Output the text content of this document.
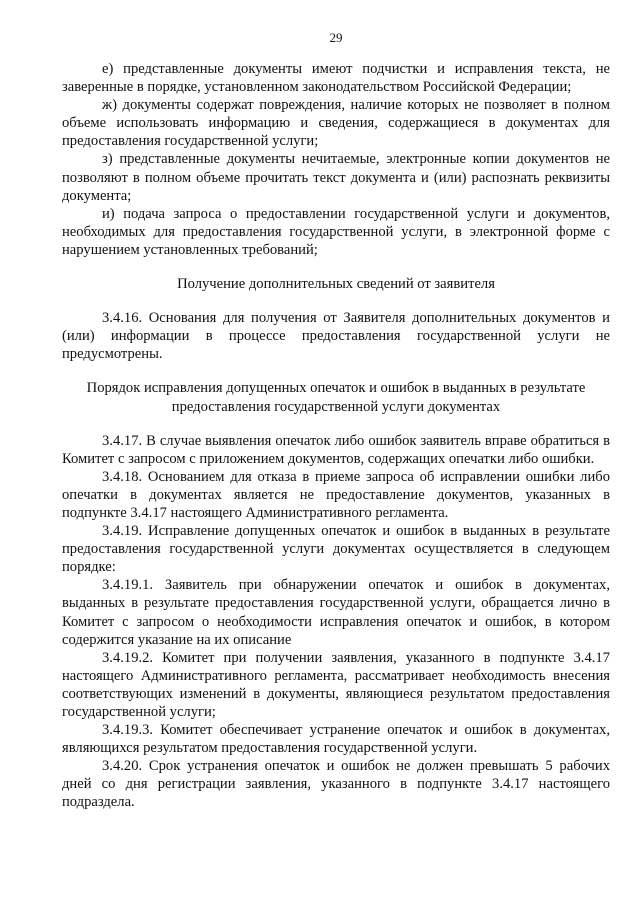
29

е) представленные документы имеют подчистки и исправления текста, не заверенные в порядке, установленном законодательством Российской Федерации;

ж) документы содержат повреждения, наличие которых не позволяет в полном объеме использовать информацию и сведения, содержащиеся в документах для предоставления государственной услуги;

з) представленные документы нечитаемые, электронные копии документов не позволяют в полном объеме прочитать текст документа и (или) распознать реквизиты документа;

и) подача запроса о предоставлении государственной услуги и документов, необходимых для предоставления государственной услуги, в электронной форме с нарушением установленных требований;

Получение дополнительных сведений от заявителя

3.4.16. Основания для получения от Заявителя дополнительных документов и (или) информации в процессе предоставления государственной услуги не предусмотрены.

Порядок исправления допущенных опечаток и ошибок в выданных в результате предоставления государственной услуги документах

3.4.17. В случае выявления опечаток либо ошибок заявитель вправе обратиться в Комитет с запросом с приложением документов, содержащих опечатки либо ошибки.

3.4.18. Основанием для отказа в приеме запроса об исправлении ошибки либо опечатки в документах является не предоставление документов, указанных в подпункте 3.4.17 настоящего Административного регламента.

3.4.19. Исправление допущенных опечаток и ошибок в выданных в результате предоставления государственной услуги документах осуществляется в следующем порядке:

3.4.19.1. Заявитель при обнаружении опечаток и ошибок в документах, выданных в результате предоставления государственной услуги, обращается лично в Комитет с запросом о необходимости исправления опечаток и ошибок, в котором содержится указание на их описание

3.4.19.2. Комитет при получении заявления, указанного в подпункте 3.4.17 настоящего Административного регламента, рассматривает необходимость внесения соответствующих изменений в документы, являющиеся результатом предоставления государственной услуги;

3.4.19.3. Комитет обеспечивает устранение опечаток и ошибок в документах, являющихся результатом предоставления государственной услуги.

3.4.20. Срок устранения опечаток и ошибок не должен превышать 5 рабочих дней со дня регистрации заявления, указанного в подпункте 3.4.17 настоящего подраздела.
